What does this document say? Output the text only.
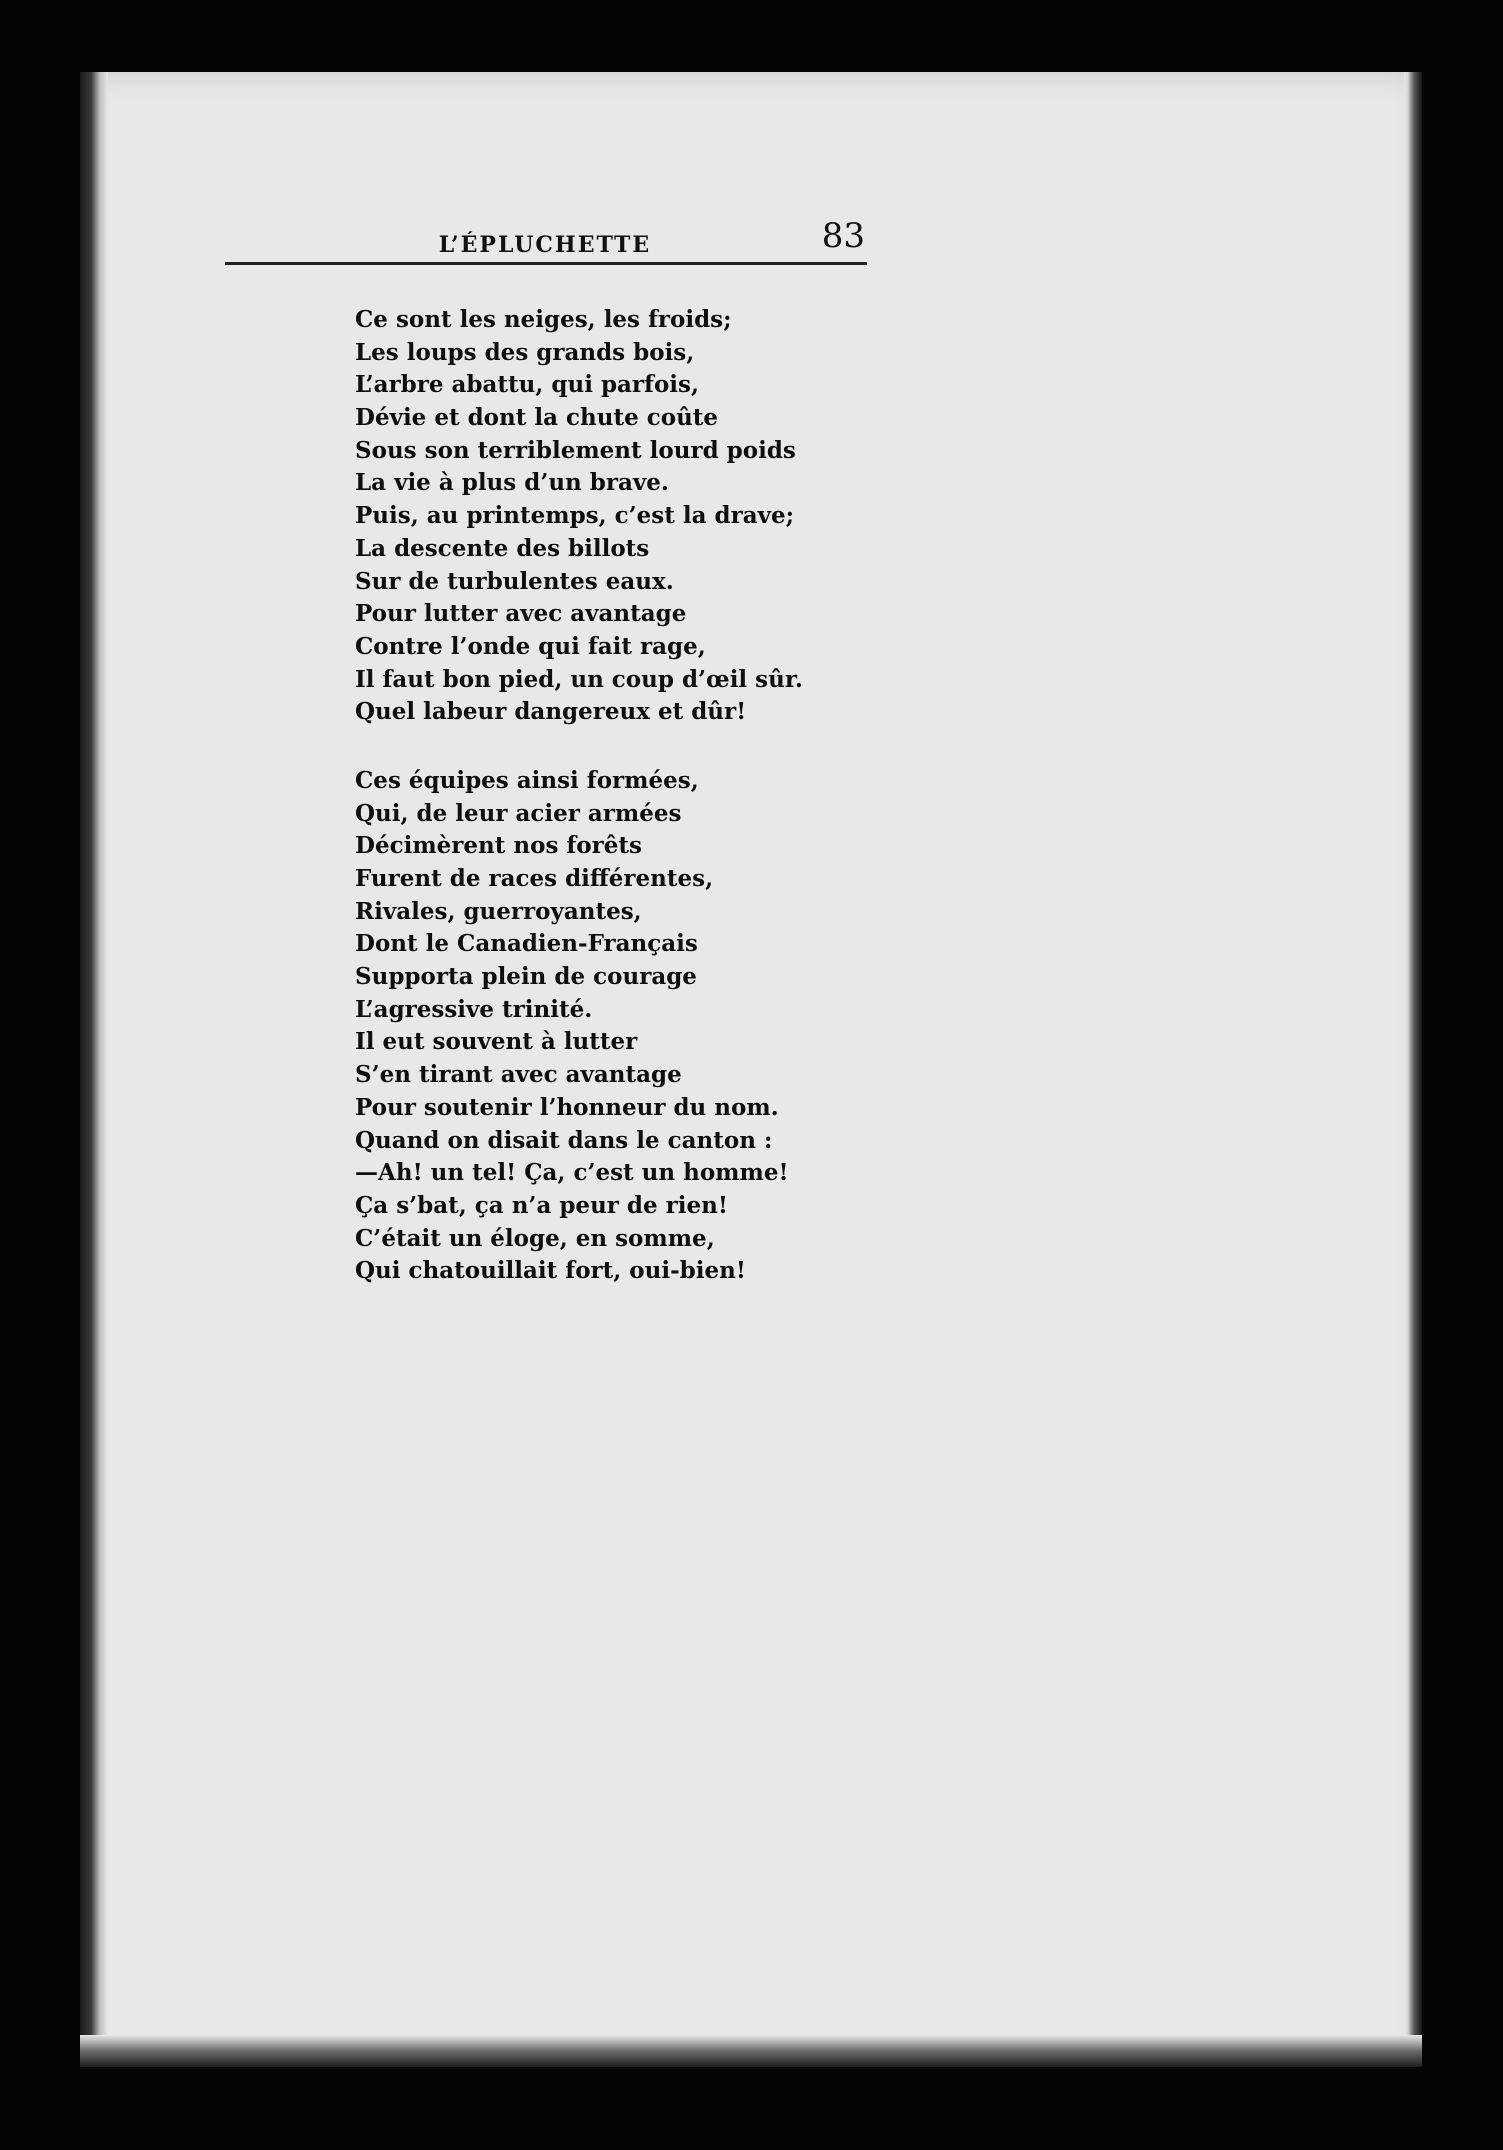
L’ÉPLUCHETTE	83
Ce sont les neiges, les froids;
Les loups des grands bois,
L’arbre abattu, qui parfois,
Dévie et dont la chute coûte
Sous son terriblement lourd poids
La vie à plus d’un brave.
Puis, au printemps, c’est la drave;
La descente des billots
Sur de turbulentes eaux.
Pour lutter avec avantage
Contre l’onde qui fait rage,
Il faut bon pied, un coup d’œil sûr.
Quel labeur dangereux et dûr!
Ces équipes ainsi formées,
Qui, de leur acier armées
Décimèrent nos forêts
Furent de races différentes,
Rivales, guerroyantes,
Dont le Canadien-Français
Supporta plein de courage
L’agressive trinité.
Il eut souvent à lutter
S’en tirant avec avantage
Pour soutenir l’honneur du nom.
Quand on disait dans le canton :
—Ah! un tel! Ça, c’est un homme!
Ça s’bat, ça n’a peur de rien!
C’était un éloge, en somme,
Qui chatouillait fort, oui-bien!
